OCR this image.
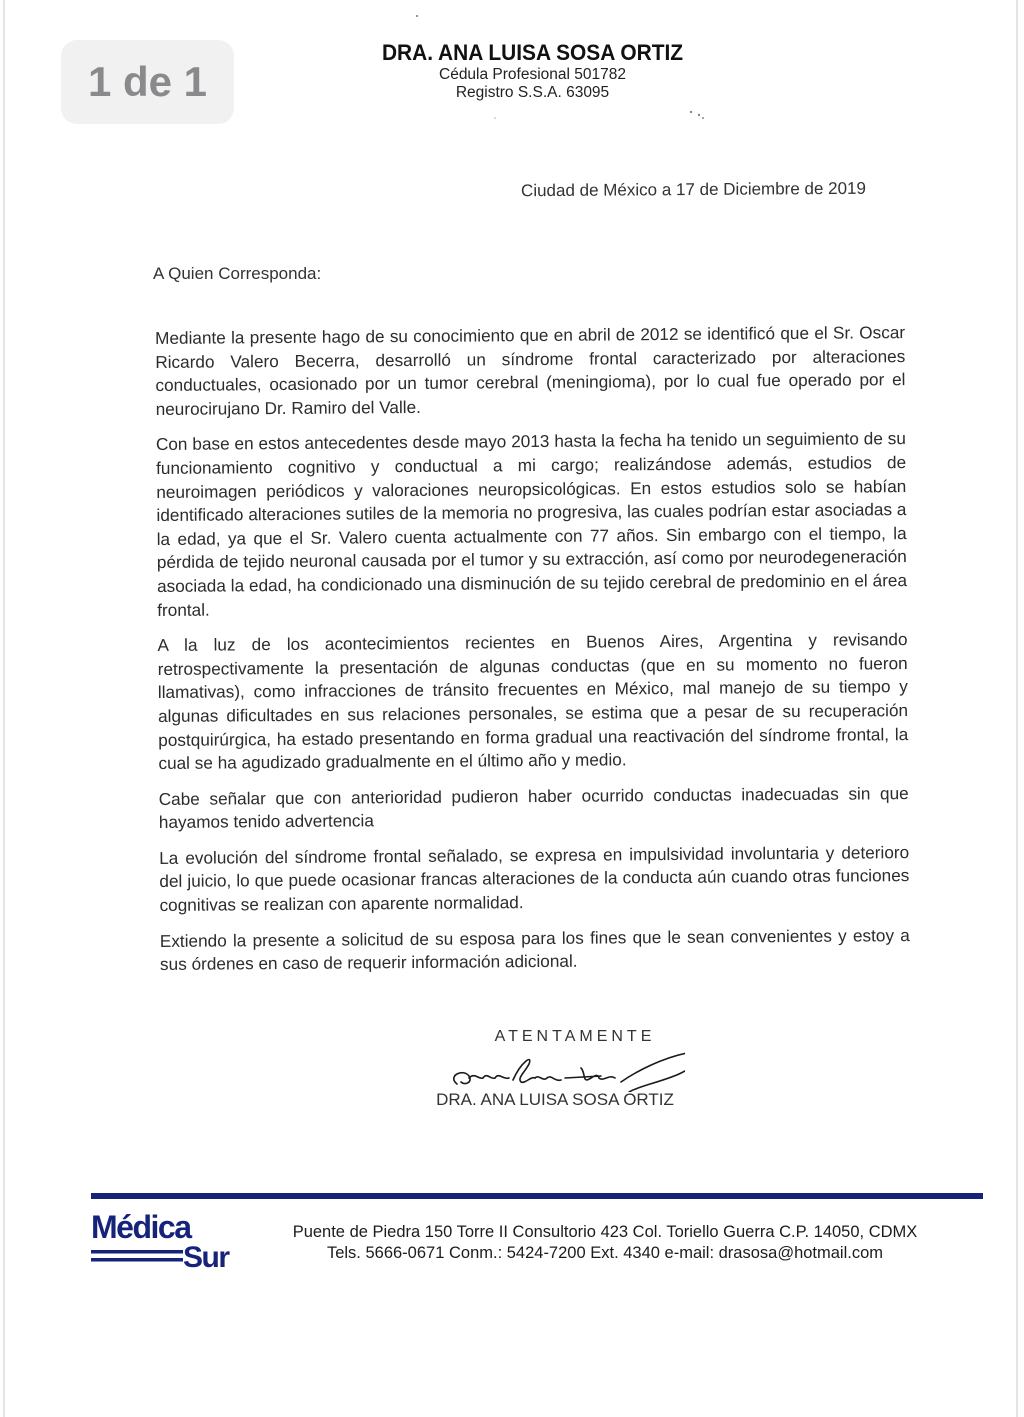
1 de 1
DRA. ANA LUISA SOSA ORTIZ
Cédula Profesional 501782
Registro S.S.A. 63095
Ciudad de México a 17 de Diciembre de 2019
A Quien Corresponda:

Mediante la presente hago de su conocimiento que en abril de 2012 se identificó que el Sr. Oscar Ricardo Valero Becerra, desarrolló un síndrome frontal caracterizado por alteraciones conductuales, ocasionado por un tumor cerebral (meningioma), por lo cual fue operado por el neurocirujano Dr. Ramiro del Valle.

Con base en estos antecedentes desde mayo 2013 hasta la fecha ha tenido un seguimiento de su funcionamiento cognitivo y conductual a mi cargo; realizándose además, estudios de neuroimagen periódicos y valoraciones neuropsicológicas. En estos estudios solo se habían identificado alteraciones sutiles de la memoria no progresiva, las cuales podrían estar asociadas a la edad, ya que el Sr. Valero cuenta actualmente con 77 años. Sin embargo con el tiempo, la pérdida de tejido neuronal causada por el tumor y su extracción, así como por neurodegeneración asociada la edad, ha condicionado una disminución de su tejido cerebral de predominio en el área frontal.

A la luz de los acontecimientos recientes en Buenos Aires, Argentina y revisando retrospectivamente la presentación de algunas conductas (que en su momento no fueron llamativas), como infracciones de tránsito frecuentes en México, mal manejo de su tiempo y algunas dificultades en sus relaciones personales, se estima que a pesar de su recuperación postquirúrgica, ha estado presentando en forma gradual una reactivación del síndrome frontal, la cual se ha agudizado gradualmente en el último año y medio.

Cabe señalar que con anterioridad pudieron haber ocurrido conductas inadecuadas sin que hayamos tenido advertencia

La evolución del síndrome frontal señalado, se expresa en impulsividad involuntaria y deterioro del juicio, lo que puede ocasionar francas alteraciones de la conducta aún cuando otras funciones cognitivas se realizan con aparente normalidad.

Extiendo la presente a solicitud de su esposa para los fines que le sean convenientes y estoy a sus órdenes en caso de requerir información adicional.

ATENTAMENTE
DRA. ANA LUISA SOSA ORTIZ
Médica
Sur
Puente de Piedra 150 Torre II Consultorio 423 Col. Toriello Guerra C.P. 14050, CDMX
Tels. 5666-0671 Conm.: 5424-7200 Ext. 4340 e-mail: drasosa@hotmail.com
